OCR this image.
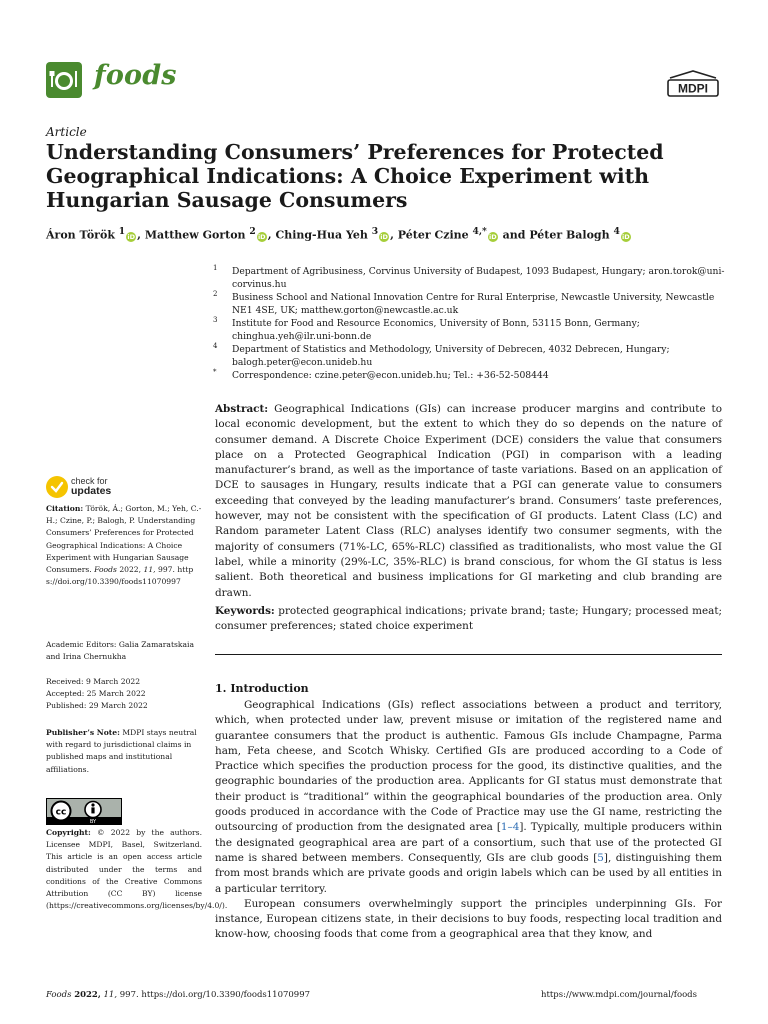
foods	MDPI
Article
Understanding Consumers’ Preferences for Protected Geographical Indications: A Choice Experiment with Hungarian Sausage Consumers
Áron Török $^1$ iD , Matthew Gorton $^2$ iD , Ching-Hua Yeh $^3$ iD , Péter Czine $^{4,*}$ iD and Péter Balogh $^4$ iD
1 Department of Agribusiness, Corvinus University of Budapest, 1093 Budapest, Hungary; aron.torok@uni-corvinus.hu
2 Business School and National Innovation Centre for Rural Enterprise, Newcastle University, Newcastle NE1 4SE, UK; matthew.gorton@newcastle.ac.uk
3 Institute for Food and Resource Economics, University of Bonn, 53115 Bonn, Germany; chinghua.yeh@ilr.uni-bonn.de
4 Department of Statistics and Methodology, University of Debrecen, 4032 Debrecen, Hungary; balogh.peter@econ.unideb.hu
* Correspondence: czine.peter@econ.unideb.hu; Tel.: +36-52-508444
Abstract: Geographical Indications (GIs) can increase producer margins and contribute to local economic development, but the extent to which they do so depends on the nature of consumer demand. A Discrete Choice Experiment (DCE) considers the value that consumers place on a Protected Geographical Indication (PGI) in comparison with a leading manufacturer’s brand, as well as the importance of taste variations. Based on an application of DCE to sausages in Hungary, results indicate that a PGI can generate value to consumers exceeding that conveyed by the leading manufacturer’s brand. Consumers’ taste preferences, however, may not be consistent with the specification of GI products. Latent Class (LC) and Random parameter Latent Class (RLC) analyses identify two consumer segments, with the majority of consumers (71%-LC, 65%-RLC) classified as traditionalists, who most value the GI label, while a minority (29%-LC, 35%-RLC) is brand conscious, for whom the GI status is less salient. Both theoretical and business implications for GI marketing and club branding are drawn.
Keywords: protected geographical indications; private brand; taste; Hungary; processed meat; consumer preferences; stated choice experiment
1. Introduction

Geographical Indications (GIs) reflect associations between a product and territory, which, when protected under law, prevent misuse or imitation of the registered name and guarantee consumers that the product is authentic. Famous GIs include Champagne, Parma ham, Feta cheese, and Scotch Whisky. Certified GIs are produced according to a Code of Practice which specifies the production process for the good, its distinctive qualities, and the geographic boundaries of the production area. Applicants for GI status must demonstrate that their product is “traditional” within the geographical boundaries of the production area. Only goods produced in accordance with the Code of Practice may use the GI name, restricting the outsourcing of production from the designated area [1–4]. Typically, multiple producers within the designated geographical area are part of a consortium, such that use of the protected GI name is shared between members. Consequently, GIs are club goods [5], distinguishing them from most brands which are private goods and origin labels which can be used by all entities in a particular territory.

European consumers overwhelmingly support the principles underpinning GIs. For instance, European citizens state, in their decisions to buy foods, respecting local tradition and know-how, choosing foods that come from a geographical area that they know, and

check for
updates
Citation: Török, Á.; Gorton, M.; Yeh, C.-H.; Czine, P.; Balogh, P. Understanding Consumers’ Preferences for Protected Geographical Indications: A Choice Experiment with Hungarian Sausage Consumers. Foods 2022, 11, 997. https://doi.org/10.3390/foods11070997
Academic Editors: Galia Zamaratskaia and Irina Chernukha
Received: 9 March 2022
Accepted: 25 March 2022
Published: 29 March 2022
Publisher’s Note: MDPI stays neutral with regard to jurisdictional claims in published maps and institutional affiliations.
cc
BY
Copyright: © 2022 by the authors. Licensee MDPI, Basel, Switzerland. This article is an open access article distributed under the terms and conditions of the Creative Commons Attribution (CC BY) license (https://creativecommons.org/licenses/by/4.0/).
Foods 2022, 11, 997. https://doi.org/10.3390/foods11070997	https://www.mdpi.com/journal/foods
